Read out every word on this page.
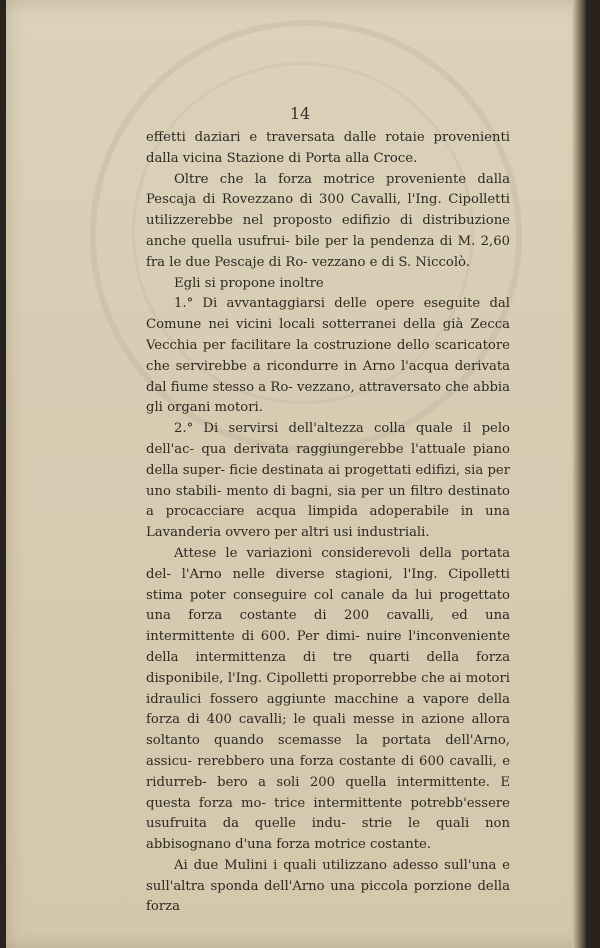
14

effetti daziari e traversata dalle rotaie provenienti dalla vicina Stazione di Porta alla Croce.

Oltre che la forza motrice proveniente dalla Pescaja di Rovezzano di 300 Cavalli, l'Ing. Cipolletti utilizzerebbe nel proposto edifizio di distribuzione anche quella usufrui- bile per la pendenza di M. 2,60 fra le due Pescaje di Ro- vezzano e di S. Niccolò.

Egli si propone inoltre

1.° Di avvantaggiarsi delle opere eseguite dal Comune nei vicini locali sotterranei della già Zecca Vecchia per facilitare la costruzione dello scaricatore che servirebbe a ricondurre in Arno l'acqua derivata dal fiume stesso a Ro- vezzano, attraversato che abbia gli organi motori.

2.° Di servirsi dell'altezza colla quale il pelo dell'ac- qua derivata raggiungerebbe l'attuale piano della super- ficie destinata ai progettati edifizi, sia per uno stabili- mento di bagni, sia per un filtro destinato a procacciare acqua limpida adoperabile in una Lavanderia ovvero per altri usi industriali.

Attese le variazioni considerevoli della portata del- l'Arno nelle diverse stagioni, l'Ing. Cipolletti stima poter conseguire col canale da lui progettato una forza costante di 200 cavalli, ed una intermittente di 600. Per dimi- nuire l'inconveniente della intermittenza di tre quarti della forza disponibile, l'Ing. Cipolletti proporrebbe che ai motori idraulici fossero aggiunte macchine a vapore della forza di 400 cavalli; le quali messe in azione allora soltanto quando scemasse la portata dell'Arno, assicu- rerebbero una forza costante di 600 cavalli, e ridurreb- bero a soli 200 quella intermittente. E questa forza mo- trice intermittente potrebb'essere usufruita da quelle indu- strie le quali non abbisognano d'una forza motrice costante.

Ai due Mulini i quali utilizzano adesso sull'una e sull'altra sponda dell'Arno una piccola porzione della forza
